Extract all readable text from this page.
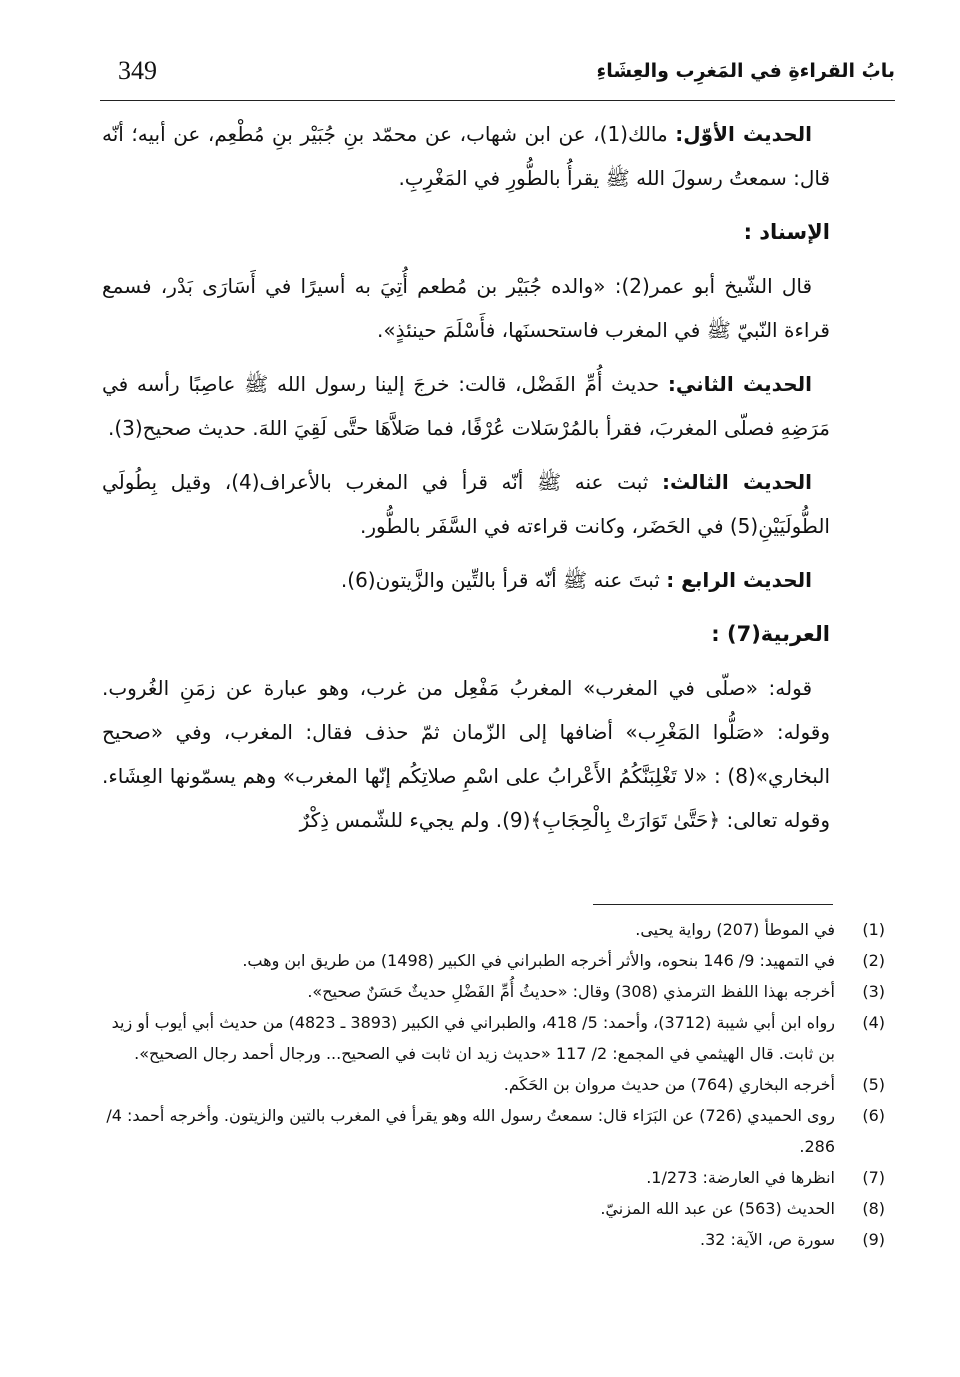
349	بابُ القراءةِ في المَغرِب والعِشَاءِ

الحديث الأوّل: مالك(1)، عن ابن شهاب، عن محمّد بنِ جُبَيْر بنِ مُطْعِم، عن أبيه؛ أنّه قال: سمعتُ رسولَ الله ﷺ يقرأُ بالطُّورِ في المَغْرِبِ.

الإسناد :

قال الشّيخ أبو عمر(2): «والده جُبَيْر بن مُطعم أُتِيَ به أسيرًا في أَسَارَى بَدْر، فسمع قراءة النّبيّ ﷺ في المغرب فاستحسنَها، فأَسْلَمَ حينئذٍ».

الحديث الثاني: حديث أُمِّ الفَضْل، قالت: خرجَ إلينا رسول الله ﷺ عاصِبًا رأسه في مَرَضِهِ فصلّى المغربَ، فقرأ بالمُرْسَلات عُرْفًا، فما صَلاَّهَا حتَّى لَقِيَ اللهَ. حديث صحيح(3).

الحديث الثالث: ثبت عنه ﷺ أنّه قرأ في المغرب بالأعراف(4)، وقيل بِطُولَي الطُّولَيَيْنِ(5) في الحَضَر، وكانت قراءته في السَّفَر بالطُّور.

الحديث الرابع : ثبتَ عنه ﷺ أنّه قرأ بالتِّين والزَّيتون(6).

العربية(7) :

قوله: «صلّى في المغرب» المغربُ مَفْعِل من غرب، وهو عبارة عن زمَنِ الغُروب. وقوله: «صَلُّوا المَغْرِب» أضافها إلى الزّمان ثمّ حذف فقال: المغرب، وفي «صحيح البخاري»(8) : «لا تَغْلِبَنَّكُمُ الأَعْرابُ على اسْمِ صلاتِكُم إنّها المغرب» وهم يسمّونها العِشَاء. وقوله تعالى: ﴿حَتَّىٰ تَوَارَتْ بِالْحِجَابِ﴾(9). ولم يجيء للشّمس ذِكْرٌ

(1)
في الموطأ (207) رواية يحيى.
(2)
في التمهيد: 9/ 146 بنحوه، والأثر أخرجه الطبراني في الكبير (1498) من طريق ابن وهب.
(3)
أخرجه بهذا اللفظ الترمذي (308) وقال: «حديثُ أُمِّ الفَضْلِ حديثٌ حَسَنٌ صحيح».
(4)
رواه ابن أبي شيبة (3712)، وأحمد: 5/ 418، والطبراني في الكبير (3893 ـ 4823) من حديث أبي أيوب أو زيد بن ثابت. قال الهيثمي في المجمع: 2/ 117 «حديث زيد ان ثابت في الصحيح... ورجال أحمد رجال الصحيح».
(5)
أخرجه البخاري (764) من حديث مروان بن الحَكَم.
(6)
روى الحميدي (726) عن البَرَاء قال: سمعتُ رسول الله وهو يقرأ في المغرب بالتين والزيتون. وأخرجه أحمد: 4/ 286.
(7)
انظرها في العارضة: 1/273.
(8)
الحديث (563) عن عبد الله المزنيّ.
(9)
سورة ص، الآية: 32.
